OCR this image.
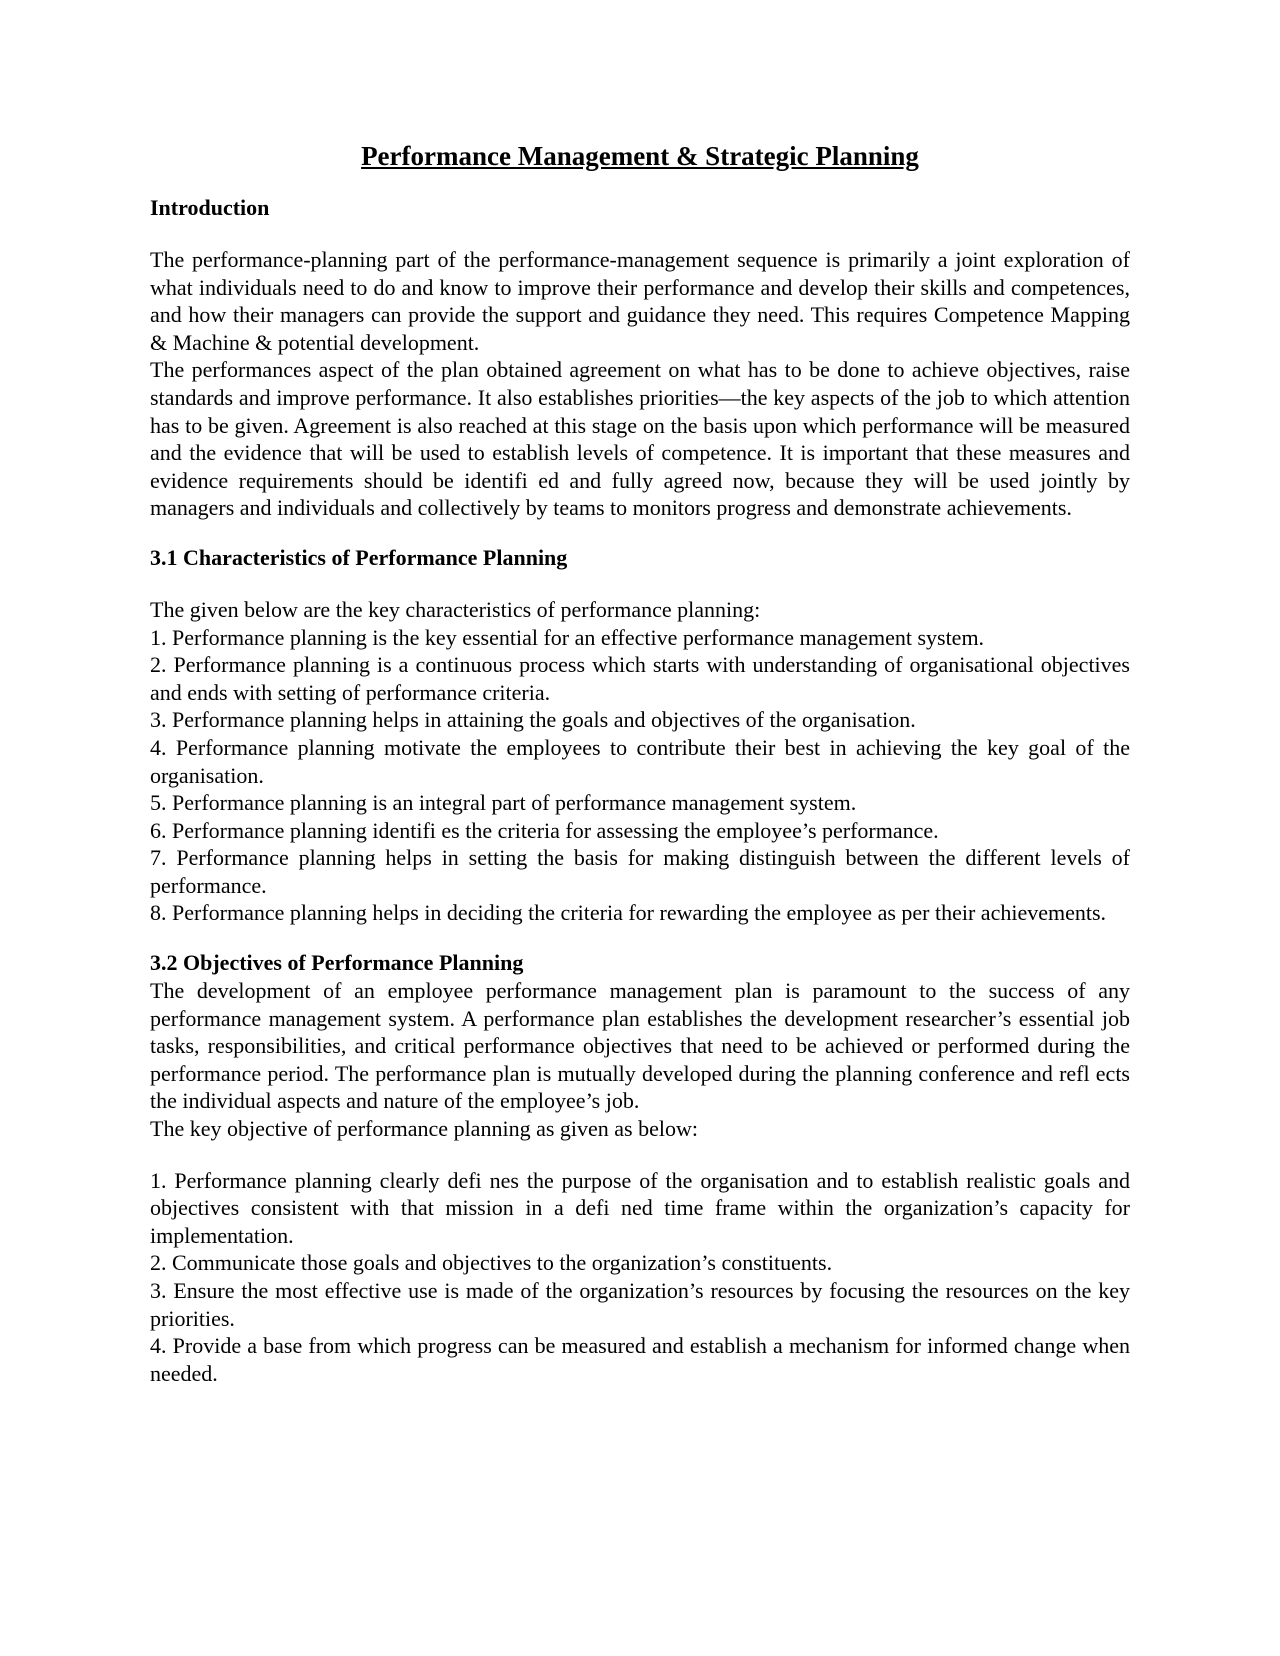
Performance Management & Strategic Planning
Introduction

The performance-planning part of the performance-management sequence is primarily a joint exploration of what individuals need to do and know to improve their performance and develop their skills and competences, and how their managers can provide the support and guidance they need. This requires Competence Mapping & Machine & potential development.

The performances aspect of the plan obtained agreement on what has to be done to achieve objectives, raise standards and improve performance. It also establishes priorities—the key aspects of the job to which attention has to be given. Agreement is also reached at this stage on the basis upon which performance will be measured and the evidence that will be used to establish levels of competence. It is important that these measures and evidence requirements should be identifi ed and fully agreed now, because they will be used jointly by managers and individuals and collectively by teams to monitors progress and demonstrate achievements.

3.1 Characteristics of Performance Planning

The given below are the key characteristics of performance planning:

1. Performance planning is the key essential for an effective performance management system.

2. Performance planning is a continuous process which starts with understanding of organisational objectives and ends with setting of performance criteria.

3. Performance planning helps in attaining the goals and objectives of the organisation.

4. Performance planning motivate the employees to contribute their best in achieving the key goal of the organisation.

5. Performance planning is an integral part of performance management system.

6. Performance planning identifi es the criteria for assessing the employee’s performance.

7. Performance planning helps in setting the basis for making distinguish between the different levels of performance.

8. Performance planning helps in deciding the criteria for rewarding the employee as per their achievements.

3.2 Objectives of Performance Planning

The development of an employee performance management plan is paramount to the success of any performance management system. A performance plan establishes the development researcher’s essential job tasks, responsibilities, and critical performance objectives that need to be achieved or performed during the performance period. The performance plan is mutually developed during the planning conference and refl ects the individual aspects and nature of the employee’s job.

The key objective of performance planning as given as below:

1. Performance planning clearly defi nes the purpose of the organisation and to establish realistic goals and objectives consistent with that mission in a defi ned time frame within the organization’s capacity for implementation.

2. Communicate those goals and objectives to the organization’s constituents.

3. Ensure the most effective use is made of the organization’s resources by focusing the resources on the key priorities.

4. Provide a base from which progress can be measured and establish a mechanism for informed change when needed.
